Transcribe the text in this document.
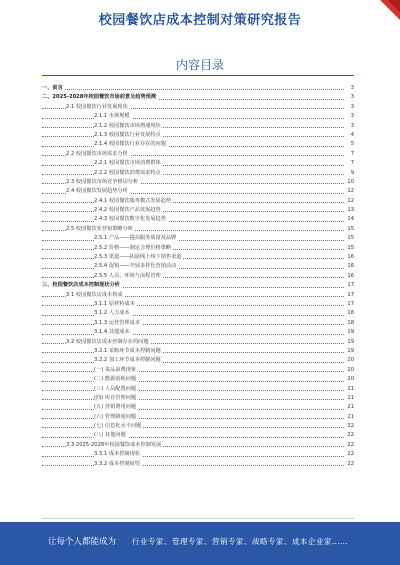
校园餐饮店成本控制对策研究报告
内容目录
一、前言	3
二、2025-2028年校园餐饮市场前景及趋势预测	3
2.1 校园餐饮行业发展现状	3
2.1.1 市场规模	3
2.1.2 校园餐饮市场增速现状	3
2.1.3 校园餐饮行业发展特点	4
2.1.4 校园餐饮行业存在的问题	5
2.2 校园餐饮市场需求分析	7
2.2.1 校园餐饮市场消费群体	7
2.2.2 校园餐饮消费需求特点	9
2.3 校园餐饮市场竞争格局分析	10
2.4 校园餐饮发展趋势分析	12
2.4.1 校园餐饮服务模式发展趋势	12
2.4.2 校园餐饮产品发展趋势	13
2.4.3 校园餐饮数字化发展趋势	14
2.5 校园餐饮业营销策略分析	15
2.5.1 产品——提高服务质量及品牌	15
2.5.2 价格——制定合理价格策略	15
2.5.3 渠道——拓展线上线下销售渠道	16
2.5.4 促销——开展多样化营销活动	16
2.5.5 人员、环境与流程管理	16
三、校园餐饮店成本控制现状分析	17
3.1 校园餐饮店成本构成	17
3.1.1 原材料成本	17
3.1.2 人力成本	18
3.1.3 运营管理成本	18
3.1.4 其他成本	19
3.2 校园餐饮店成本控制存在的问题	19
3.2.1 采购环节成本控制问题	19
3.2.2 加工环节成本控制问题	20
(一) 菜品浪费现象	20
(二) 能源消耗问题	20
(三) 人员配置问题	21
(四) 库存管理问题	21
(五) 营销费用问题	21
(六) 管理制度问题	21
(七) 信息化水平问题	22
(八) 其他问题	22
3.3 2025-2028年校园餐饮成本控制发展	22
3.3.1 成本控制现状	22
3.3.2 成本控制展望	22
让每个人都能成为 行业专家、管理专家、营销专家、战略专家、成本企业家……
